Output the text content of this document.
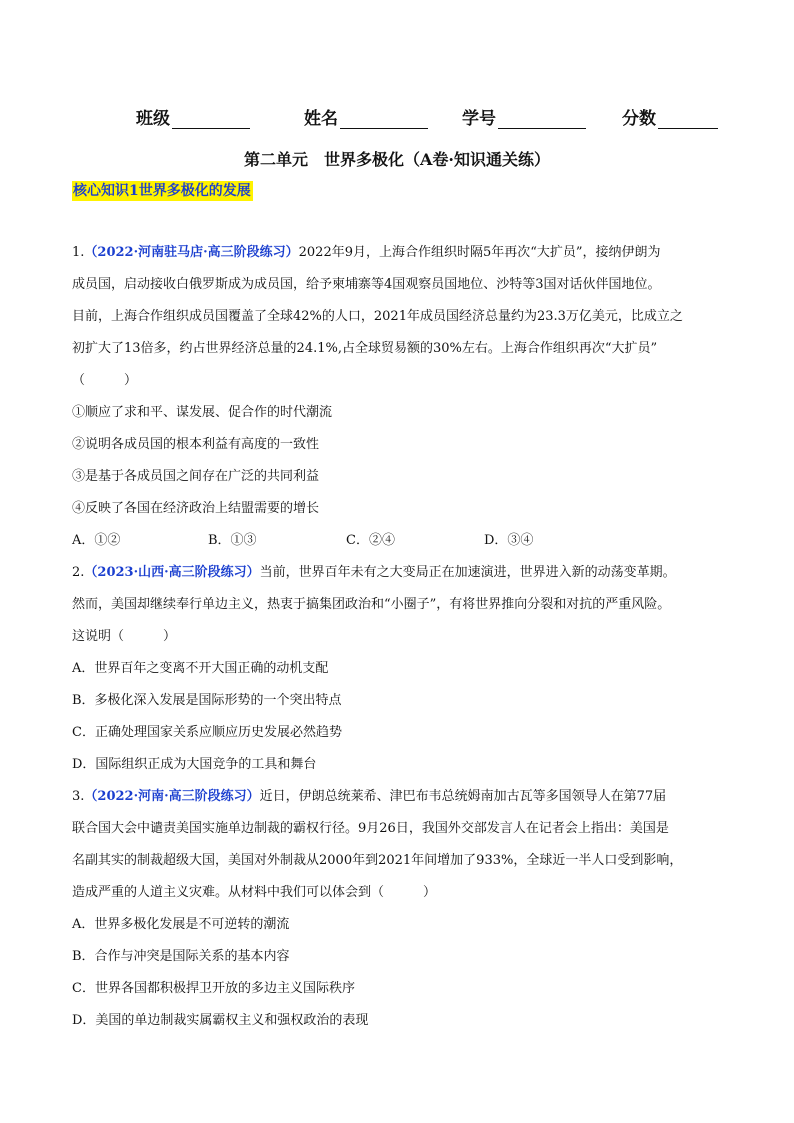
班级	姓名	学号	分数
第二单元　世界多极化（A卷·知识通关练）
核心知识1世界多极化的发展
1.（2022·河南驻马店·高三阶段练习）2022年9月，上海合作组织时隔5年再次“大扩员”，接纳伊朗为
成员国，启动接收白俄罗斯成为成员国，给予柬埔寨等4国观察员国地位、沙特等3国对话伙伴国地位。
目前，上海合作组织成员国覆盖了全球42%的人口，2021年成员国经济总量约为23.3万亿美元，比成立之
初扩大了13倍多，约占世界经济总量的24.1%,占全球贸易额的30%左右。上海合作组织再次“大扩员”
（　　　）
①顺应了求和平、谋发展、促合作的时代潮流
②说明各成员国的根本利益有高度的一致性
③是基于各成员国之间存在广泛的共同利益
④反映了各国在经济政治上结盟需要的增长
A．①②	B．①③	C．②④	D．③④
2.（2023·山西·高三阶段练习）当前，世界百年未有之大变局正在加速演进，世界进入新的动荡变革期。
然而，美国却继续奉行单边主义，热衷于搞集团政治和“小圈子”，有将世界推向分裂和对抗的严重风险。
这说明（　　　）
A．世界百年之变离不开大国正确的动机支配
B．多极化深入发展是国际形势的一个突出特点
C．正确处理国家关系应顺应历史发展必然趋势
D．国际组织正成为大国竞争的工具和舞台
3.（2022·河南·高三阶段练习）近日，伊朗总统莱希、津巴布韦总统姆南加古瓦等多国领导人在第77届
联合国大会中谴责美国实施单边制裁的霸权行径。9月26日，我国外交部发言人在记者会上指出：美国是
名副其实的制裁超级大国，美国对外制裁从2000年到2021年间增加了933%，全球近一半人口受到影响，
造成严重的人道主义灾难。从材料中我们可以体会到（　　　）
A．世界多极化发展是不可逆转的潮流
B．合作与冲突是国际关系的基本内容
C．世界各国都积极捍卫开放的多边主义国际秩序
D．美国的单边制裁实属霸权主义和强权政治的表现
